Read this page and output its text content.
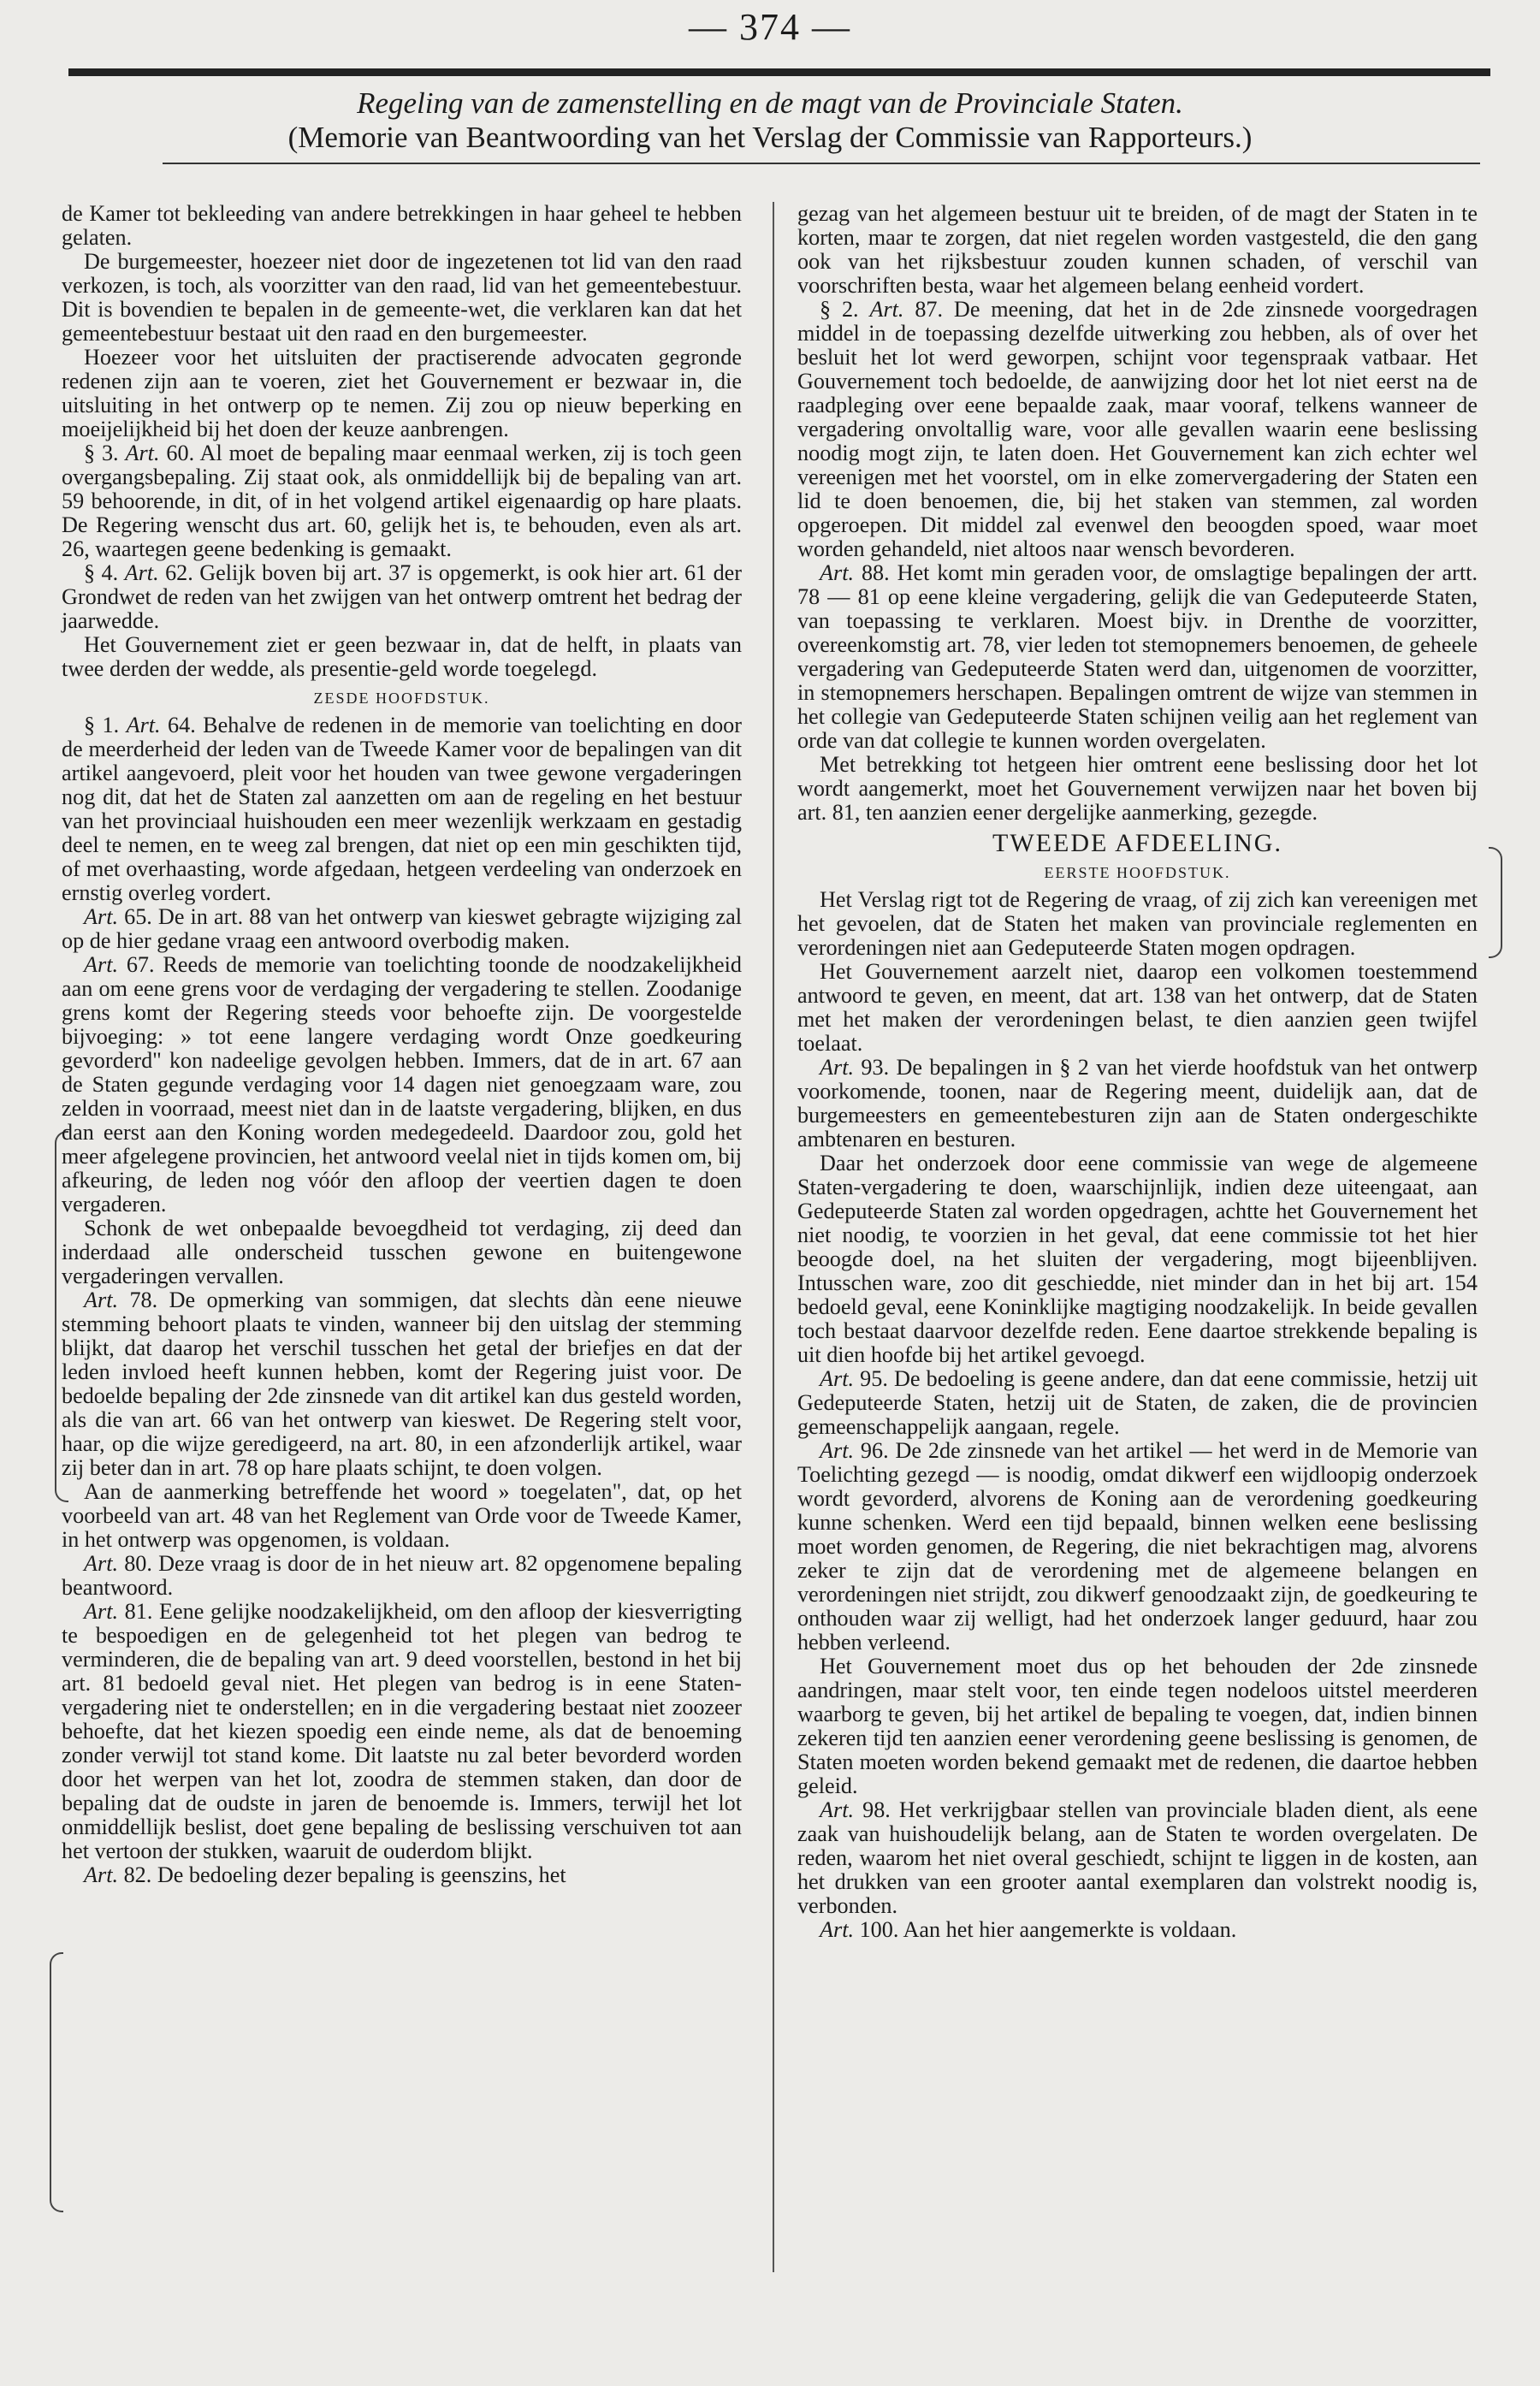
— 374 —
Regeling van de zamenstelling en de magt van de Provinciale Staten.
(Memorie van Beantwoording van het Verslag der Commissie van Rapporteurs.)

de Kamer tot bekleeding van andere betrekkingen in haar geheel te hebben gelaten.

De burgemeester, hoezeer niet door de ingezetenen tot lid van den raad verkozen, is toch, als voorzitter van den raad, lid van het gemeentebestuur. Dit is bovendien te bepalen in de gemeente-wet, die verklaren kan dat het gemeentebestuur bestaat uit den raad en den burgemeester.

Hoezeer voor het uitsluiten der practiserende advocaten gegronde redenen zijn aan te voeren, ziet het Gouvernement er bezwaar in, die uitsluiting in het ontwerp op te nemen. Zij zou op nieuw beperking en moeijelijkheid bij het doen der keuze aanbrengen.

§ 3. Art. 60. Al moet de bepaling maar eenmaal werken, zij is toch geen overgangsbepaling. Zij staat ook, als onmiddellijk bij de bepaling van art. 59 behoorende, in dit, of in het volgend artikel eigenaardig op hare plaats. De Regering wenscht dus art. 60, gelijk het is, te behouden, even als art. 26, waartegen geene bedenking is gemaakt.

§ 4. Art. 62. Gelijk boven bij art. 37 is opgemerkt, is ook hier art. 61 der Grondwet de reden van het zwijgen van het ontwerp omtrent het bedrag der jaarwedde.

Het Gouvernement ziet er geen bezwaar in, dat de helft, in plaats van twee derden der wedde, als presentie-geld worde toegelegd.

ZESDE HOOFDSTUK.

§ 1. Art. 64. Behalve de redenen in de memorie van toelichting en door de meerderheid der leden van de Tweede Kamer voor de bepalingen van dit artikel aangevoerd, pleit voor het houden van twee gewone vergaderingen nog dit, dat het de Staten zal aanzetten om aan de regeling en het bestuur van het provinciaal huishouden een meer wezenlijk werkzaam en gestadig deel te nemen, en te weeg zal brengen, dat niet op een min geschikten tijd, of met overhaasting, worde afgedaan, hetgeen verdeeling van onderzoek en ernstig overleg vordert.

Art. 65. De in art. 88 van het ontwerp van kieswet gebragte wijziging zal op de hier gedane vraag een antwoord overbodig maken.

Art. 67. Reeds de memorie van toelichting toonde de noodzakelijkheid aan om eene grens voor de verdaging der vergadering te stellen. Zoodanige grens komt der Regering steeds voor behoefte zijn. De voorgestelde bijvoeging: » tot eene langere verdaging wordt Onze goedkeuring gevorderd" kon nadeelige gevolgen hebben. Immers, dat de in art. 67 aan de Staten gegunde verdaging voor 14 dagen niet genoegzaam ware, zou zelden in voorraad, meest niet dan in de laatste vergadering, blijken, en dus dan eerst aan den Koning worden medegedeeld. Daardoor zou, gold het meer afgelegene provincien, het antwoord veelal niet in tijds komen om, bij afkeuring, de leden nog vóór den afloop der veertien dagen te doen vergaderen.

Schonk de wet onbepaalde bevoegdheid tot verdaging, zij deed dan inderdaad alle onderscheid tusschen gewone en buitengewone vergaderingen vervallen.

Art. 78. De opmerking van sommigen, dat slechts dàn eene nieuwe stemming behoort plaats te vinden, wanneer bij den uitslag der stemming blijkt, dat daarop het verschil tusschen het getal der briefjes en dat der leden invloed heeft kunnen hebben, komt der Regering juist voor. De bedoelde bepaling der 2de zinsnede van dit artikel kan dus gesteld worden, als die van art. 66 van het ontwerp van kieswet. De Regering stelt voor, haar, op die wijze geredigeerd, na art. 80, in een afzonderlijk artikel, waar zij beter dan in art. 78 op hare plaats schijnt, te doen volgen.

Aan de aanmerking betreffende het woord » toegelaten", dat, op het voorbeeld van art. 48 van het Reglement van Orde voor de Tweede Kamer, in het ontwerp was opgenomen, is voldaan.

Art. 80. Deze vraag is door de in het nieuw art. 82 opgenomene bepaling beantwoord.

Art. 81. Eene gelijke noodzakelijkheid, om den afloop der kiesverrigting te bespoedigen en de gelegenheid tot het plegen van bedrog te verminderen, die de bepaling van art. 9 deed voorstellen, bestond in het bij art. 81 bedoeld geval niet. Het plegen van bedrog is in eene Staten-vergadering niet te onderstellen; en in die vergadering bestaat niet zoozeer behoefte, dat het kiezen spoedig een einde neme, als dat de benoeming zonder verwijl tot stand kome. Dit laatste nu zal beter bevorderd worden door het werpen van het lot, zoodra de stemmen staken, dan door de bepaling dat de oudste in jaren de benoemde is. Immers, terwijl het lot onmiddellijk beslist, doet gene bepaling de beslissing verschuiven tot aan het vertoon der stukken, waaruit de ouderdom blijkt.

Art. 82. De bedoeling dezer bepaling is geenszins, het

gezag van het algemeen bestuur uit te breiden, of de magt der Staten in te korten, maar te zorgen, dat niet regelen worden vastgesteld, die den gang ook van het rijksbestuur zouden kunnen schaden, of verschil van voorschriften besta, waar het algemeen belang eenheid vordert.

§ 2. Art. 87. De meening, dat het in de 2de zinsnede voorgedragen middel in de toepassing dezelfde uitwerking zou hebben, als of over het besluit het lot werd geworpen, schijnt voor tegenspraak vatbaar. Het Gouvernement toch bedoelde, de aanwijzing door het lot niet eerst na de raadpleging over eene bepaalde zaak, maar vooraf, telkens wanneer de vergadering onvoltallig ware, voor alle gevallen waarin eene beslissing noodig mogt zijn, te laten doen. Het Gouvernement kan zich echter wel vereenigen met het voorstel, om in elke zomervergadering der Staten een lid te doen benoemen, die, bij het staken van stemmen, zal worden opgeroepen. Dit middel zal evenwel den beoogden spoed, waar moet worden gehandeld, niet altoos naar wensch bevorderen.

Art. 88. Het komt min geraden voor, de omslagtige bepalingen der artt. 78 — 81 op eene kleine vergadering, gelijk die van Gedeputeerde Staten, van toepassing te verklaren. Moest bijv. in Drenthe de voorzitter, overeenkomstig art. 78, vier leden tot stemopnemers benoemen, de geheele vergadering van Gedeputeerde Staten werd dan, uitgenomen de voorzitter, in stemopnemers herschapen. Bepalingen omtrent de wijze van stemmen in het collegie van Gedeputeerde Staten schijnen veilig aan het reglement van orde van dat collegie te kunnen worden overgelaten.

Met betrekking tot hetgeen hier omtrent eene beslissing door het lot wordt aangemerkt, moet het Gouvernement verwijzen naar het boven bij art. 81, ten aanzien eener dergelijke aanmerking, gezegde.

TWEEDE AFDEELING.
EERSTE HOOFDSTUK.

Het Verslag rigt tot de Regering de vraag, of zij zich kan vereenigen met het gevoelen, dat de Staten het maken van provinciale reglementen en verordeningen niet aan Gedeputeerde Staten mogen opdragen.

Het Gouvernement aarzelt niet, daarop een volkomen toestemmend antwoord te geven, en meent, dat art. 138 van het ontwerp, dat de Staten met het maken der verordeningen belast, te dien aanzien geen twijfel toelaat.

Art. 93. De bepalingen in § 2 van het vierde hoofdstuk van het ontwerp voorkomende, toonen, naar de Regering meent, duidelijk aan, dat de burgemeesters en gemeentebesturen zijn aan de Staten ondergeschikte ambtenaren en besturen.

Daar het onderzoek door eene commissie van wege de algemeene Staten-vergadering te doen, waarschijnlijk, indien deze uiteengaat, aan Gedeputeerde Staten zal worden opgedragen, achtte het Gouvernement het niet noodig, te voorzien in het geval, dat eene commissie tot het hier beoogde doel, na het sluiten der vergadering, mogt bijeenblijven. Intusschen ware, zoo dit geschiedde, niet minder dan in het bij art. 154 bedoeld geval, eene Koninklijke magtiging noodzakelijk. In beide gevallen toch bestaat daarvoor dezelfde reden. Eene daartoe strekkende bepaling is uit dien hoofde bij het artikel gevoegd.

Art. 95. De bedoeling is geene andere, dan dat eene commissie, hetzij uit Gedeputeerde Staten, hetzij uit de Staten, de zaken, die de provincien gemeenschappelijk aangaan, regele.

Art. 96. De 2de zinsnede van het artikel — het werd in de Memorie van Toelichting gezegd — is noodig, omdat dikwerf een wijdloopig onderzoek wordt gevorderd, alvorens de Koning aan de verordening goedkeuring kunne schenken. Werd een tijd bepaald, binnen welken eene beslissing moet worden genomen, de Regering, die niet bekrachtigen mag, alvorens zeker te zijn dat de verordening met de algemeene belangen en verordeningen niet strijdt, zou dikwerf genoodzaakt zijn, de goedkeuring te onthouden waar zij welligt, had het onderzoek langer geduurd, haar zou hebben verleend.

Het Gouvernement moet dus op het behouden der 2de zinsnede aandringen, maar stelt voor, ten einde tegen nodeloos uitstel meerderen waarborg te geven, bij het artikel de bepaling te voegen, dat, indien binnen zekeren tijd ten aanzien eener verordening geene beslissing is genomen, de Staten moeten worden bekend gemaakt met de redenen, die daartoe hebben geleid.

Art. 98. Het verkrijgbaar stellen van provinciale bladen dient, als eene zaak van huishoudelijk belang, aan de Staten te worden overgelaten. De reden, waarom het niet overal geschiedt, schijnt te liggen in de kosten, aan het drukken van een grooter aantal exemplaren dan volstrekt noodig is, verbonden.

Art. 100. Aan het hier aangemerkte is voldaan.
